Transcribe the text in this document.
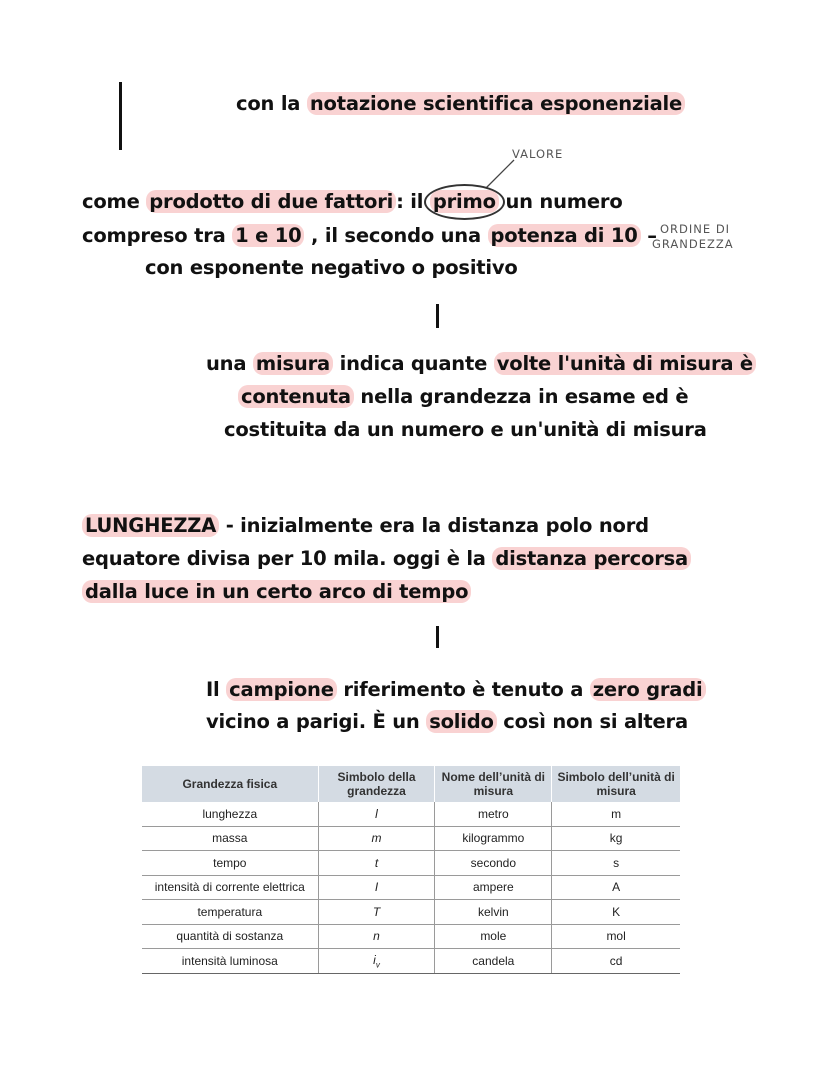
con la notazione scientifica esponenziale
VALORE
come prodotto di due fattori : il primo
un numero
compreso tra 1 e 10 , il secondo una potenza di 10 – ORDINE DI
GRANDEZZA
con esponente negativo o positivo
una misura indica quante volte l'unità di misura è
contenuta nella grandezza in esame ed è
costituita da un numero e un'unità di misura
LUNGHEZZA - inizialmente era la distanza polo nord
equatore divisa per 10 mila. oggi è la distanza percorsa
dalla luce in un certo arco di tempo
Il campione riferimento è tenuto a zero gradi
vicino a parigi. È un solido così non si altera
Grandezza fisica	Simbolo della grandezza	Nome dell’unità di misura	Simbolo dell’unità di misura
lunghezza	l	metro	m
massa	m	kilogrammo	kg
tempo	t	secondo	s
intensità di corrente elettrica	I	ampere	A
temperatura	T	kelvin	K
quantità di sostanza	n	mole	mol
intensità luminosa	$i_v$	candela	cd
